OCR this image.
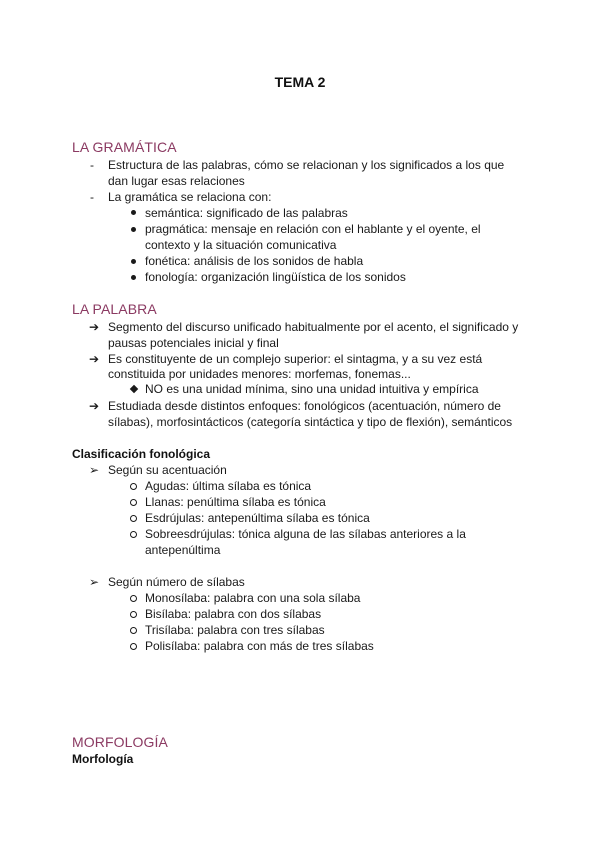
TEMA 2
LA GRAMÁTICA
- Estructura de las palabras, cómo se relacionan y los significados a los que
dan lugar esas relaciones
- La gramática se relaciona con:
semántica: significado de las palabras
pragmática: mensaje en relación con el hablante y el oyente, el
contexto y la situación comunicativa
fonética: análisis de los sonidos de habla
fonología: organización lingüística de los sonidos
LA PALABRA
➔ Segmento del discurso unificado habitualmente por el acento, el significado y
pausas potenciales inicial y final
➔ Es constituyente de un complejo superior: el sintagma, y a su vez está
constituida por unidades menores: morfemas, fonemas...
NO es una unidad mínima, sino una unidad intuitiva y empírica
➔ Estudiada desde distintos enfoques: fonológicos (acentuación, número de
sílabas), morfosintácticos (categoría sintáctica y tipo de flexión), semánticos
Clasificación fonológica
➢ Según su acentuación
Agudas: última sílaba es tónica
Llanas: penúltima sílaba es tónica
Esdrújulas: antepenúltima sílaba es tónica
Sobreesdrújulas: tónica alguna de las sílabas anteriores a la
antepenúltima
➢ Según número de sílabas
Monosílaba: palabra con una sola sílaba
Bisílaba: palabra con dos sílabas
Trisílaba: palabra con tres sílabas
Polisílaba: palabra con más de tres sílabas
MORFOLOGÍA
Morfología
